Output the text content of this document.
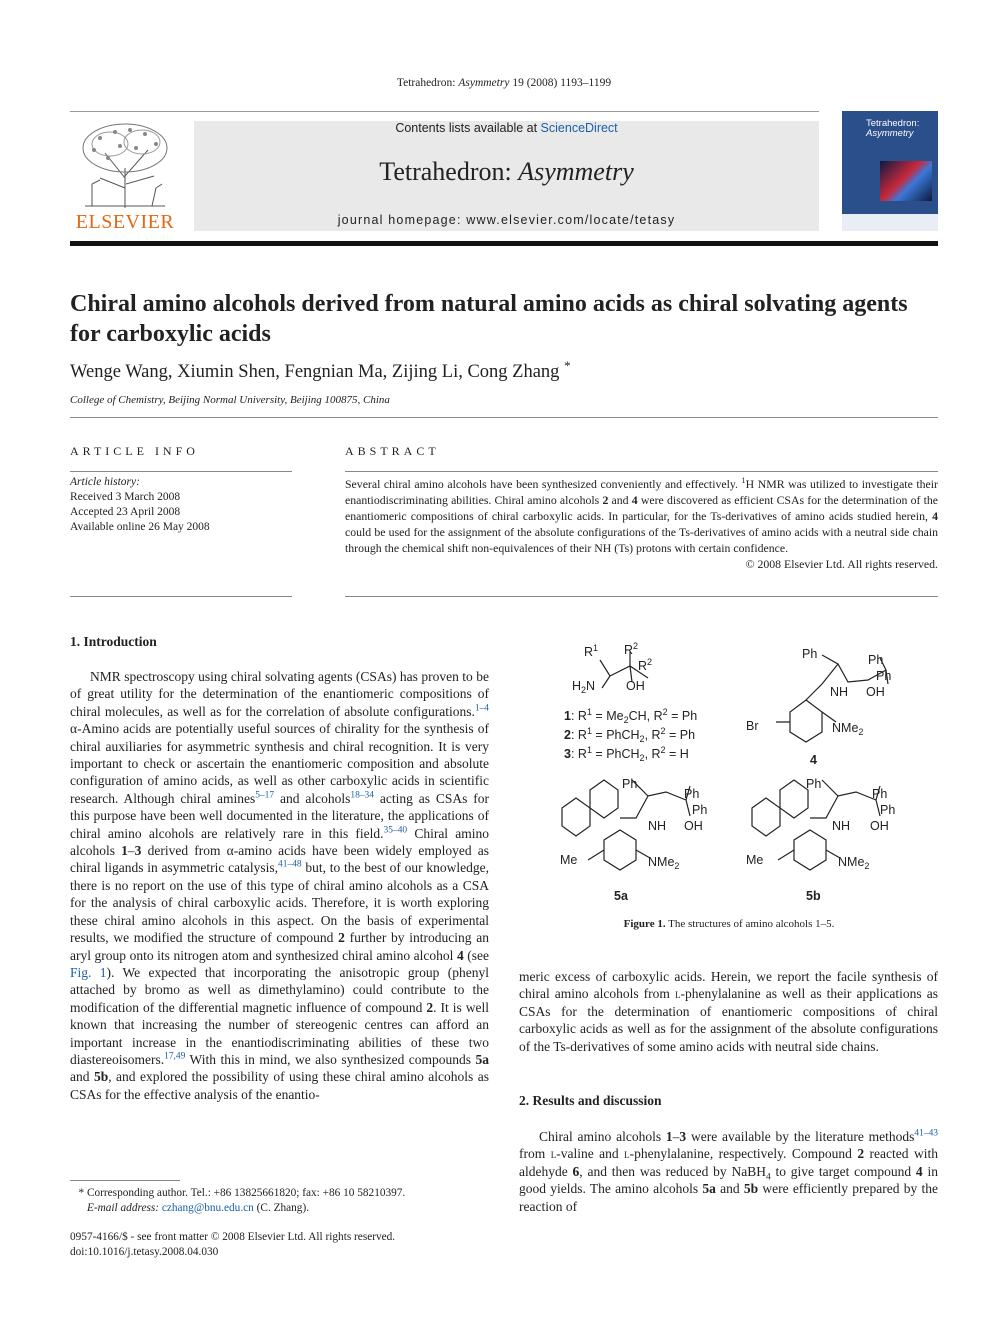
Tetrahedron: Asymmetry 19 (2008) 1193–1199
ELSEVIER
Contents lists available at ScienceDirect
Tetrahedron: Asymmetry
journal homepage: www.elsevier.com/locate/tetasy
Tetrahedron:
Asymmetry
Chiral amino alcohols derived from natural amino acids as chiral solvating agents for carboxylic acids
Wenge Wang, Xiumin Shen, Fengnian Ma, Zijing Li, Cong Zhang *
College of Chemistry, Beijing Normal University, Beijing 100875, China
ARTICLE INFO
Article history:
Received 3 March 2008
Accepted 23 April 2008
Available online 26 May 2008
ABSTRACT
Several chiral amino alcohols have been synthesized conveniently and effectively. $^1$H NMR was utilized to investigate their enantiodiscriminating abilities. Chiral amino alcohols 2 and 4 were discovered as efficient CSAs for the determination of the enantiomeric compositions of chiral carboxylic acids. In particular, for the Ts-derivatives of amino acids studied herein, 4 could be used for the assignment of the absolute configurations of the Ts-derivatives of amino acids with a neutral side chain through the chemical shift non-equivalences of their NH (Ts) protons with certain confidence.
© 2008 Elsevier Ltd. All rights reserved.
1. Introduction

NMR spectroscopy using chiral solvating agents (CSAs) has proven to be of great utility for the determination of the enantiomeric compositions of chiral molecules, as well as for the correlation of absolute configurations.$^{1-4}$ α-Amino acids are potentially useful sources of chirality for the synthesis of chiral auxiliaries for asymmetric synthesis and chiral recognition. It is very important to check or ascertain the enantiomeric composition and absolute configuration of amino acids, as well as other carboxylic acids in scientific research. Although chiral amines$^{5-17}$ and alcohols$^{18-34}$ acting as CSAs for this purpose have been well documented in the literature, the applications of chiral amino alcohols are relatively rare in this field.$^{35-40}$ Chiral amino alcohols 1–3 derived from α-amino acids have been widely employed as chiral ligands in asymmetric catalysis,$^{41-48}$ but, to the best of our knowledge, there is no report on the use of this type of chiral amino alcohols as a CSA for the analysis of chiral carboxylic acids. Therefore, it is worth exploring these chiral amino alcohols in this aspect. On the basis of experimental results, we modified the structure of compound 2 further by introducing an aryl group onto its nitrogen atom and synthesized chiral amino alcohol 4 (see Fig. 1). We expected that incorporating the anisotropic group (phenyl attached by bromo as well as dimethylamino) could contribute to the modification of the differential magnetic influence of compound 2. It is well known that increasing the number of stereogenic centres can afford an important increase in the enantiodiscriminating abilities of these two diastereoisomers.$^{17,49}$ With this in mind, we also synthesized compounds 5a and 5b, and explored the possibility of using these chiral amino alcohols as CSAs for the effective analysis of the enantio-

* Corresponding author. Tel.: +86 13825661820; fax: +86 10 58210397.
E-mail address: czhang@bnu.edu.cn (C. Zhang).
0957-4166/$ - see front matter © 2008 Elsevier Ltd. All rights reserved.
doi:10.1016/j.tetasy.2008.04.030
$R^1$ $R^2$
$R^2$
$H_2N$ OH
1: $R^1 = Me_2CH$, $R^2 = Ph$
2: $R^1$ = PhCH$_2$, $R^2 = Ph$
3: $R^1$ = PhCH$_2$, $R^2 = H$
Ph	Ph
Ph
NH OH
Br	NMe$_2$
4
Ph
Ph
Ph
NH OH
Me	NMe$_2$
5a
Ph
Ph
Ph
NH OH
Me	NMe$_2$
5b
Figure 1. The structures of amino alcohols 1–5.
meric excess of carboxylic acids. Herein, we report the facile synthesis of chiral amino alcohols from l-phenylalanine as well as their applications as CSAs for the determination of enantiomeric compositions of chiral carboxylic acids as well as for the assignment of the absolute configurations of the Ts-derivatives of some amino acids with neutral side chains.
2. Results and discussion

Chiral amino alcohols 1–3 were available by the literature methods$^{41-43}$ from l-valine and l-phenylalanine, respectively. Compound 2 reacted with aldehyde 6, and then was reduced by NaBH$_4$ to give target compound 4 in good yields. The amino alcohols 5a and 5b were efficiently prepared by the reaction of
